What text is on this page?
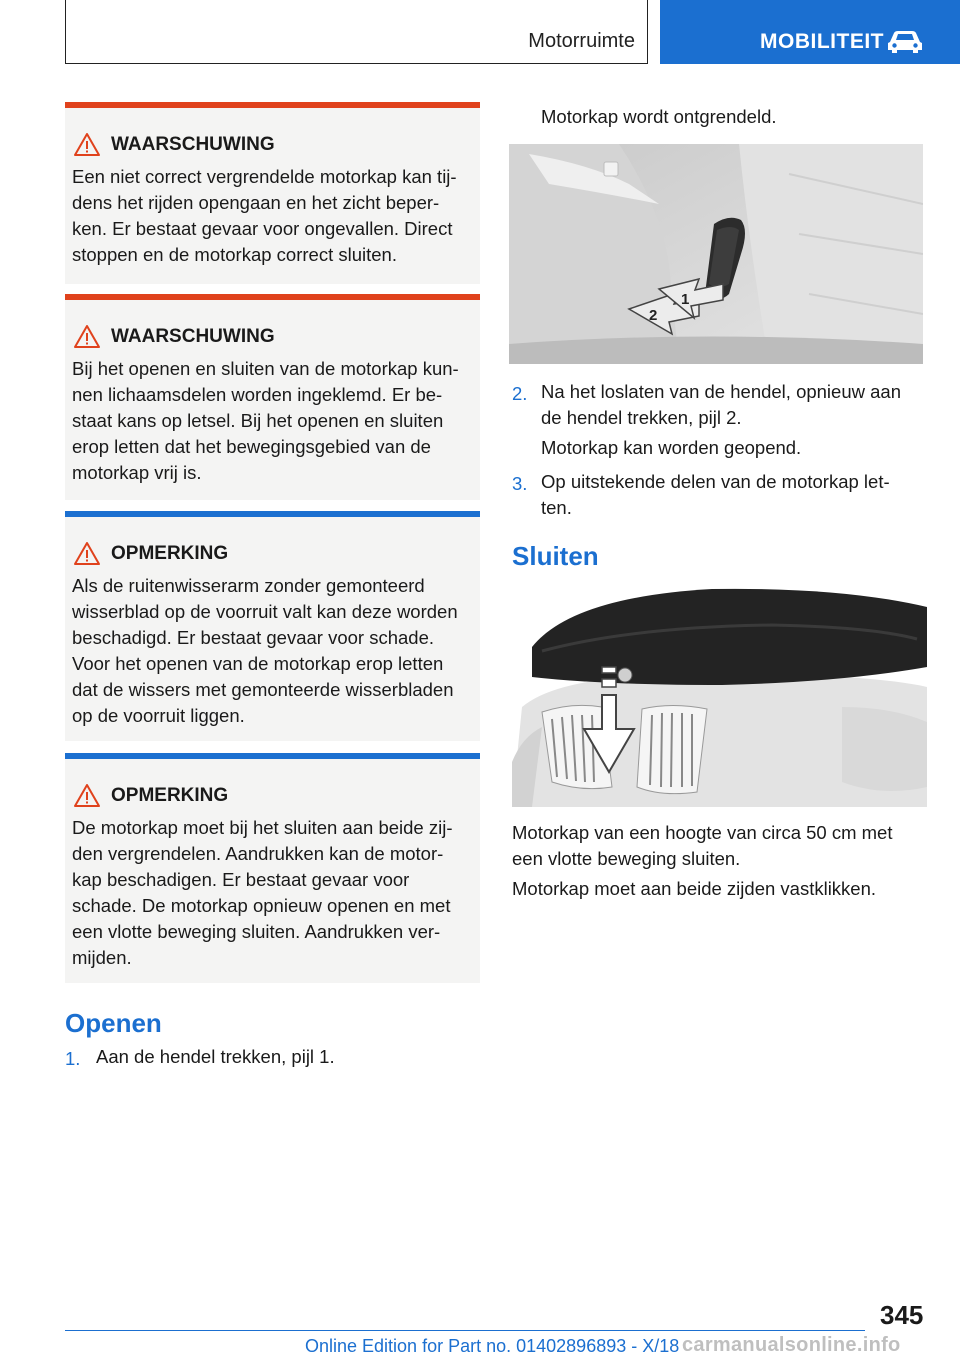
Motorruimte	MOBILITEIT
WAARSCHUWING
Een niet correct vergrendelde motorkap kan tij-
dens het rijden opengaan en het zicht beper-
ken. Er bestaat gevaar voor ongevallen. Direct
stoppen en de motorkap correct sluiten.
WAARSCHUWING
Bij het openen en sluiten van de motorkap kun-
nen lichaamsdelen worden ingeklemd. Er be-
staat kans op letsel. Bij het openen en sluiten
erop letten dat het bewegingsgebied van de
motorkap vrij is.
OPMERKING
Als de ruitenwisserarm zonder gemonteerd
wisserblad op de voorruit valt kan deze worden
beschadigd. Er bestaat gevaar voor schade.
Voor het openen van de motorkap erop letten
dat de wissers met gemonteerde wisserbladen
op de voorruit liggen.
OPMERKING
De motorkap moet bij het sluiten aan beide zij-
den vergrendelen. Aandrukken kan de motor-
kap beschadigen. Er bestaat gevaar voor
schade. De motorkap opnieuw openen en met
een vlotte beweging sluiten. Aandrukken ver-
mijden.
Openen
1. Aan de hendel trekken, pijl 1.
Motorkap wordt ontgrendeld.
2
1
2. Na het loslaten van de hendel, opnieuw aan
de hendel trekken, pijl 2.
Motorkap kan worden geopend.
3. Op uitstekende delen van de motorkap let-
ten.
Sluiten
Motorkap van een hoogte van circa 50 cm met
een vlotte beweging sluiten.
Motorkap moet aan beide zijden vastklikken.
345
Online Edition for Part no. 01402896893 - X/18 carmanualsonline.info
